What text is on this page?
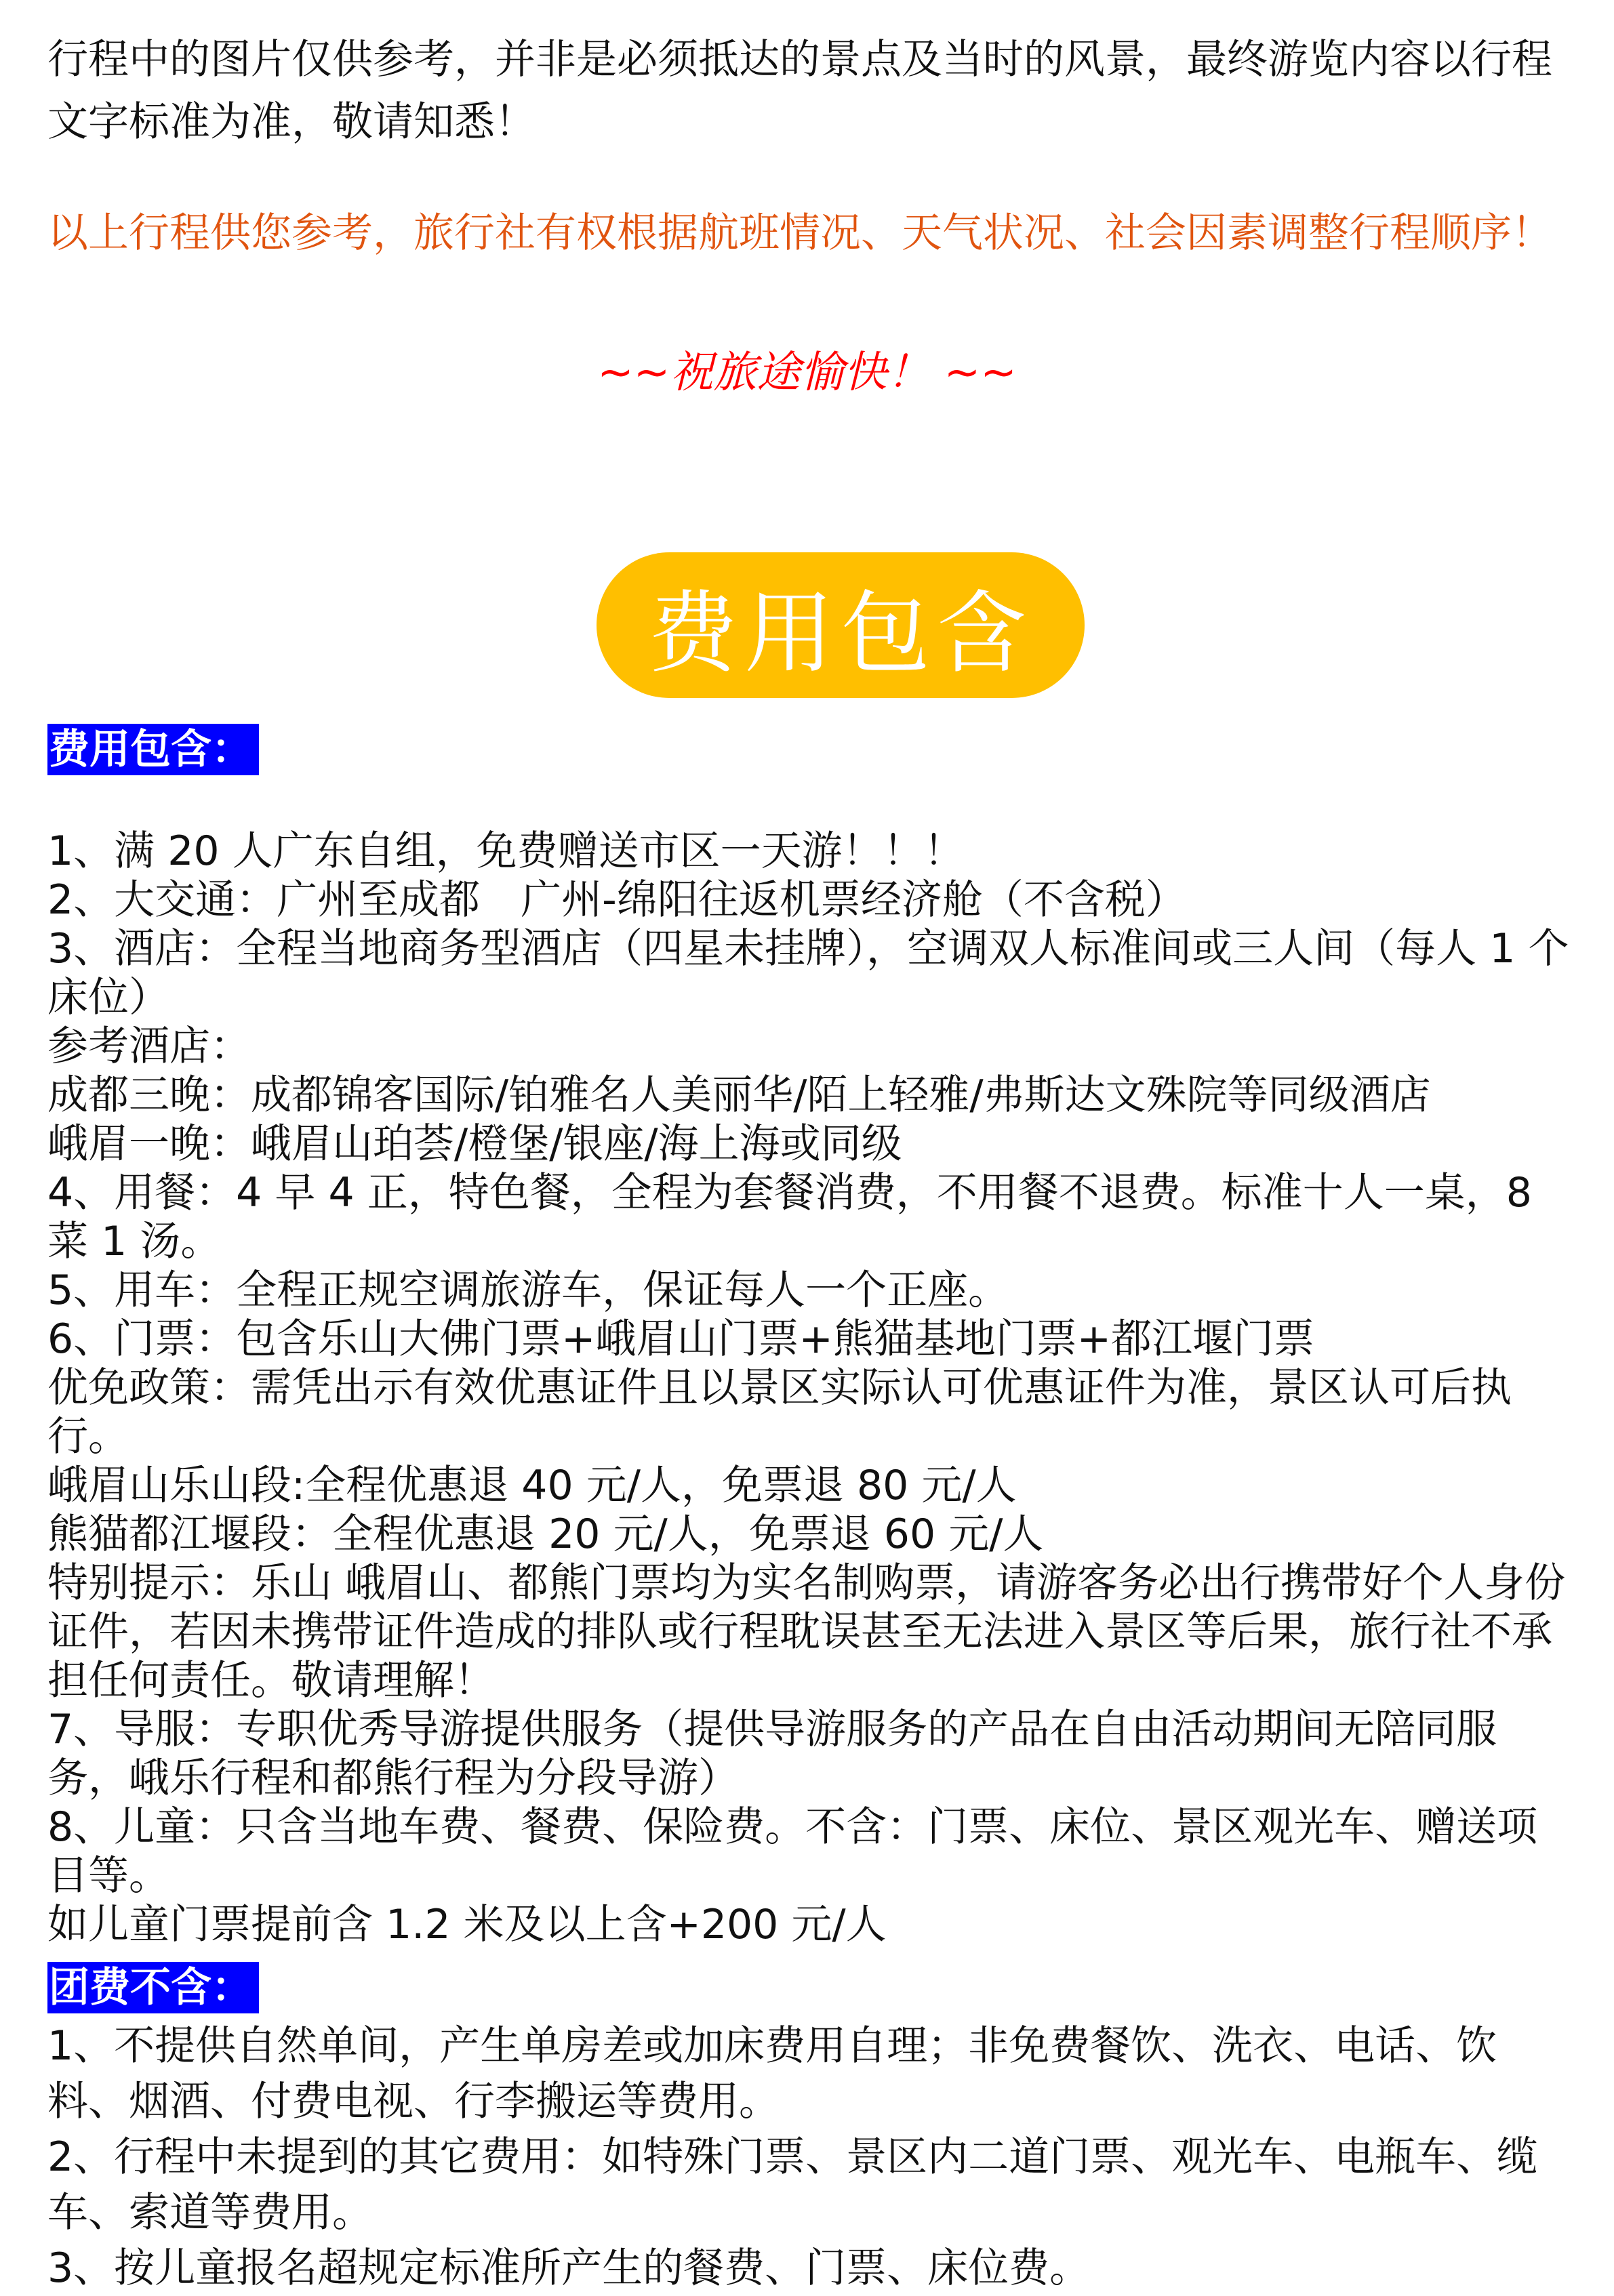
行程中的图片仅供参考，并非是必须抵达的景点及当时的风景，最终游览内容以行程文字标准为准，敬请知悉！
以上行程供您参考，旅行社有权根据航班情况、天气状况、社会因素调整行程顺序！
~~祝旅途愉快！ ~~
费用包含
费用包含：

1、满 20 人广东自组，免费赠送市区一天游！！！

2、大交通：广州至成都　广州-绵阳往返机票经济舱（不含税）

3、酒店：全程当地商务型酒店（四星未挂牌），空调双人标准间或三人间（每人 1 个床位）

参考酒店：

成都三晚：成都锦客国际/铂雅名人美丽华/陌上轻雅/弗斯达文殊院等同级酒店

峨眉一晚：峨眉山珀荟/橙堡/银座/海上海或同级

4、用餐：4 早 4 正，特色餐，全程为套餐消费，不用餐不退费。标准十人一桌，8 菜 1 汤。

5、用车：全程正规空调旅游车，保证每人一个正座。

6、门票：包含乐山大佛门票+峨眉山门票+熊猫基地门票+都江堰门票

优免政策：需凭出示有效优惠证件且以景区实际认可优惠证件为准，景区认可后执行。

峨眉山乐山段:全程优惠退 40 元/人，免票退 80 元/人

熊猫都江堰段：全程优惠退 20 元/人，免票退 60 元/人

特别提示：乐山 峨眉山、都熊门票均为实名制购票，请游客务必出行携带好个人身份证件，若因未携带证件造成的排队或行程耽误甚至无法进入景区等后果，旅行社不承担任何责任。敬请理解！

7、导服：专职优秀导游提供服务（提供导游服务的产品在自由活动期间无陪同服务，峨乐行程和都熊行程为分段导游）

8、儿童：只含当地车费、餐费、保险费。不含：门票、床位、景区观光车、赠送项目等。

如儿童门票提前含 1.2 米及以上含+200 元/人

团费不含：

1、不提供自然单间，产生单房差或加床费用自理；非免费餐饮、洗衣、电话、饮料、烟酒、付费电视、行李搬运等费用。

2、行程中未提到的其它费用：如特殊门票、景区内二道门票、观光车、电瓶车、缆车、索道等费用。

3、按儿童报名超规定标准所产生的餐费、门票、床位费。
